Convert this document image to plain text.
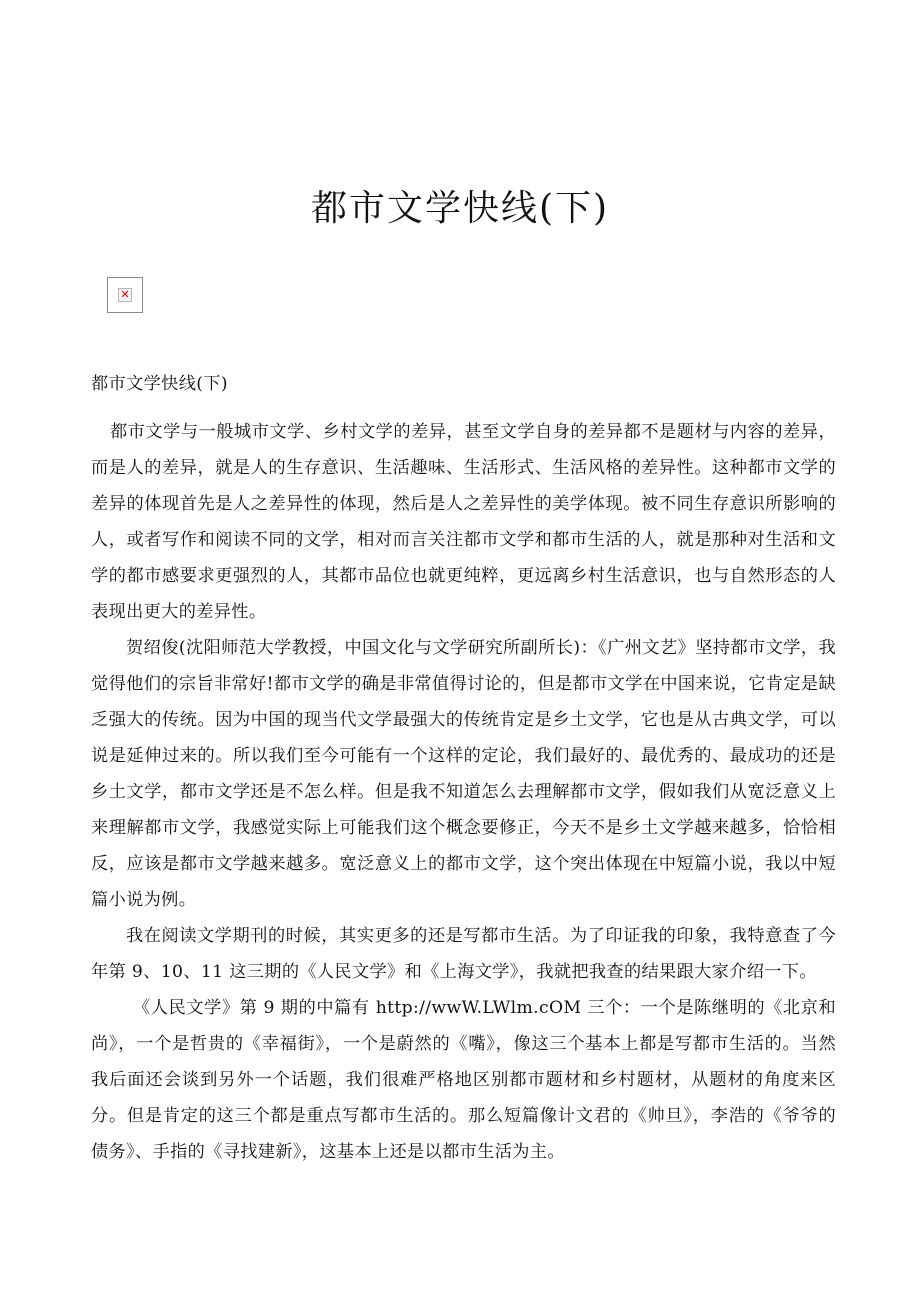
都市文学快线(下)
✕

都市文学快线(下)

都市文学与一般城市文学、乡村文学的差异，甚至文学自身的差异都不是题材与内容的差异，而是人的差异，就是人的生存意识、生活趣味、生活形式、生活风格的差异性。这种都市文学的差异的体现首先是人之差异性的体现，然后是人之差异性的美学体现。被不同生存意识所影响的人，或者写作和阅读不同的文学，相对而言关注都市文学和都市生活的人，就是那种对生活和文学的都市感要求更强烈的人，其都市品位也就更纯粹，更远离乡村生活意识，也与自然形态的人表现出更大的差异性。

贺绍俊(沈阳师范大学教授，中国文化与文学研究所副所长)：《广州文艺》坚持都市文学，我觉得他们的宗旨非常好!都市文学的确是非常值得讨论的，但是都市文学在中国来说，它肯定是缺乏强大的传统。因为中国的现当代文学最强大的传统肯定是乡土文学，它也是从古典文学，可以说是延伸过来的。所以我们至今可能有一个这样的定论，我们最好的、最优秀的、最成功的还是乡土文学，都市文学还是不怎么样。但是我不知道怎么去理解都市文学，假如我们从宽泛意义上来理解都市文学，我感觉实际上可能我们这个概念要修正，今天不是乡土文学越来越多，恰恰相反，应该是都市文学越来越多。宽泛意义上的都市文学，这个突出体现在中短篇小说，我以中短篇小说为例。

我在阅读文学期刊的时候，其实更多的还是写都市生活。为了印证我的印象，我特意查了今年第 9、10、11 这三期的《人民文学》和《上海文学》，我就把我查的结果跟大家介绍一下。

《人民文学》第 9 期的中篇有 http://wwW.LWlm.cOM 三个：一个是陈继明的《北京和尚》，一个是哲贵的《幸福街》，一个是蔚然的《嘴》，像这三个基本上都是写都市生活的。当然我后面还会谈到另外一个话题，我们很难严格地区别都市题材和乡村题材，从题材的角度来区分。但是肯定的这三个都是重点写都市生活的。那么短篇像计文君的《帅旦》，李浩的《爷爷的债务》、手指的《寻找建新》，这基本上还是以都市生活为主。
